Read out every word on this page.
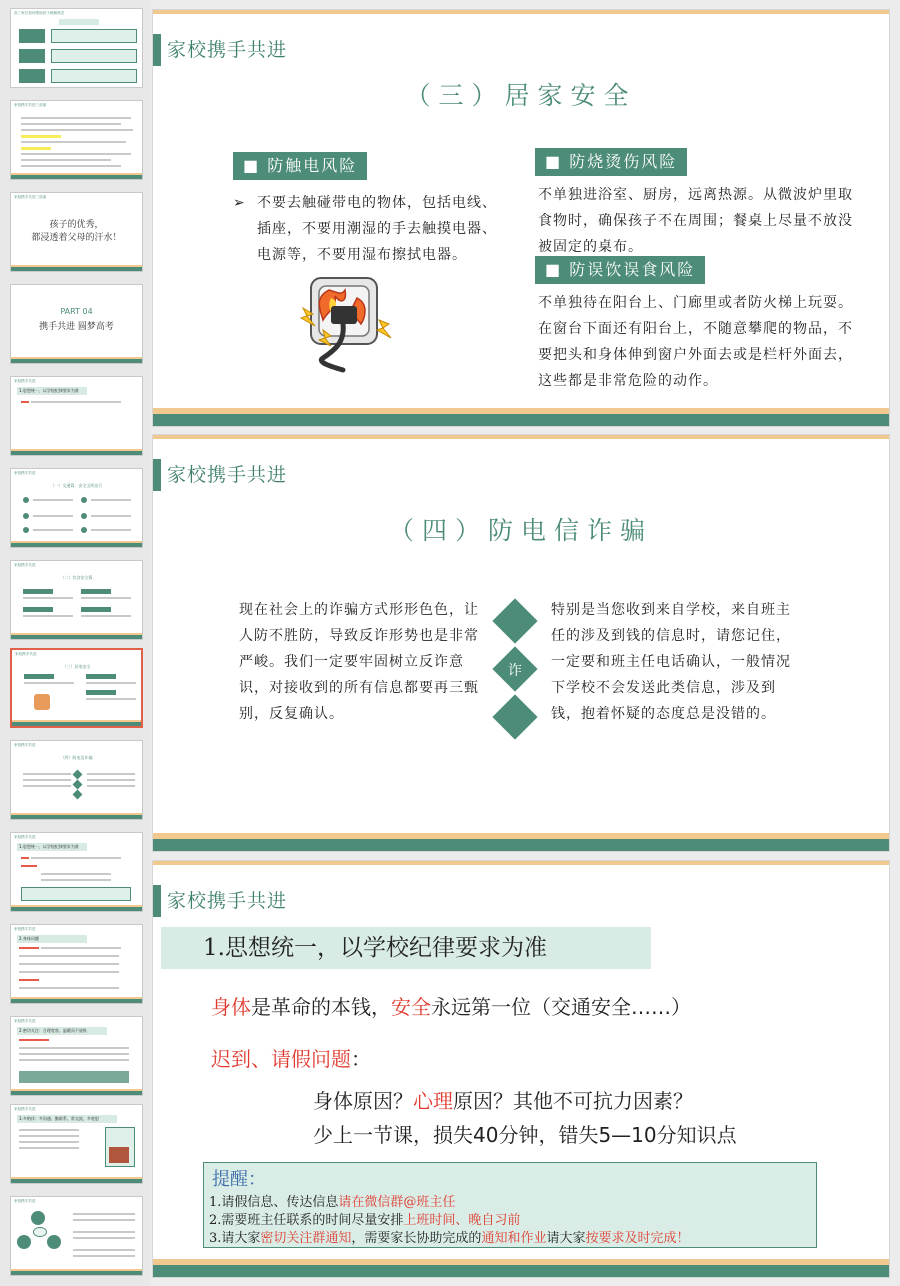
高三家长如何帮助孩子缓解焦虑
家校携手共进三部曲
家校携手共进三部曲
孩子的优秀，
都浸透着父母的汗水！
PART 04
携手共进 圆梦高考
家校携手共进
1.思想统一，以学校纪律要求为准
家校携手共进
（一）交通篇：安全文明出行
家校携手共进
（二）饮食安全篇
家校携手共进
（三）居家安全
家校携手共进
（四）防电信诈骗
家校携手共进
1.思想统一，以学校纪律要求为准
家校携手共进
2.身体问题
家校携手共进
2.密切关注：合理宽容、温暖而不放纵
家校携手共进
3.多陪伴：多沟通、勤联系、常交流、多宽慰
家校携手共进
家校携手共进
（三）居家安全
■ 防触电风险
➢ 不要去触碰带电的物体，包括电线、插座，不要用潮湿的手去触摸电器、电源等，不要用湿布擦拭电器。
■ 防烧烫伤风险
不单独进浴室、厨房，远离热源。从微波炉里取食物时，确保孩子不在周围；餐桌上尽量不放没被固定的桌布。
■ 防误饮误食风险
不单独待在阳台上、门廊里或者防火梯上玩耍。在窗台下面还有阳台上，不随意攀爬的物品，不要把头和身体伸到窗户外面去或是栏杆外面去，这些都是非常危险的动作。
家校携手共进
（四）防电信诈骗
现在社会上的诈骗方式形形色色，让人防不胜防，导致反诈形势也是非常严峻。我们一定要牢固树立反诈意识，对接收到的所有信息都要再三甄别，反复确认。
诈
特别是当您收到来自学校，来自班主任的涉及到钱的信息时，请您记住，一定要和班主任电话确认，一般情况下学校不会发送此类信息，涉及到钱，抱着怀疑的态度总是没错的。
家校携手共进
1.思想统一，以学校纪律要求为准
身体是革命的本钱，安全永远第一位（交通安全……）
迟到、请假问题：
身体原因？心理原因？其他不可抗力因素？
少上一节课，损失40分钟，错失5—10分知识点
提醒：
1.请假信息、传达信息请在微信群@班主任
2.需要班主任联系的时间尽量安排上班时间、晚自习前
3.请大家密切关注群通知，需要家长协助完成的通知和作业请大家按要求及时完成！
